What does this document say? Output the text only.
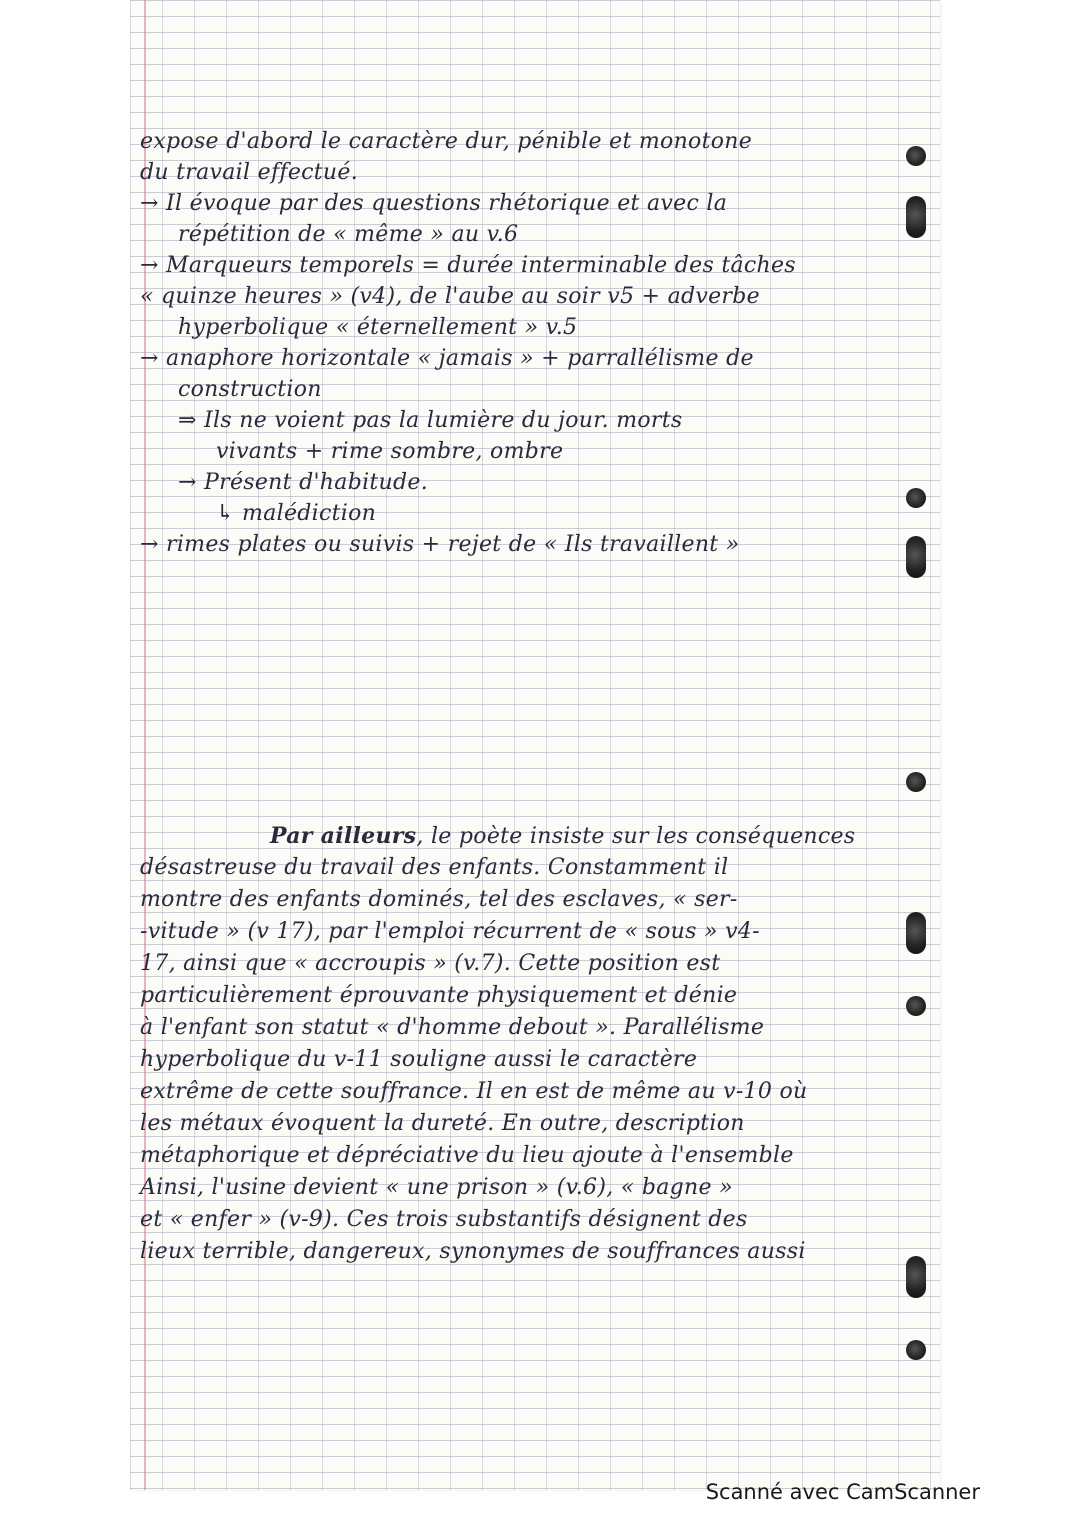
expose d'abord le caractère dur, pénible et monotone
du travail effectué.
→ Il évoque par des questions rhétorique et avec la
répétition de « même » au v.6
→ Marqueurs temporels = durée interminable des tâches
« quinze heures » (v4), de l'aube au soir v5 + adverbe
hyperbolique « éternellement » v.5
→ anaphore horizontale « jamais » + parrallélisme de
construction
⇒ Ils ne voient pas la lumière du jour. morts
vivants + rime sombre, ombre
→ Présent d'habitude.
↳ malédiction
→ rimes plates ou suivis + rejet de « Ils travaillent »
Par ailleurs, le poète insiste sur les conséquences
désastreuse du travail des enfants. Constamment il
montre des enfants dominés, tel des esclaves, « ser-
-vitude » (v 17), par l'emploi récurrent de « sous » v4-
17, ainsi que « accroupis » (v.7). Cette position est
particulièrement éprouvante physiquement et dénie
à l'enfant son statut « d'homme debout ». Parallélisme
hyperbolique du v-11 souligne aussi le caractère
extrême de cette souffrance. Il en est de même au v-10 où
les métaux évoquent la dureté. En outre, description
métaphorique et dépréciative du lieu ajoute à l'ensemble
Ainsi, l'usine devient « une prison » (v.6), « bagne »
et « enfer » (v-9). Ces trois substantifs désignent des
lieux terrible, dangereux, synonymes de souffrances aussi
Scanné avec CamScanner
